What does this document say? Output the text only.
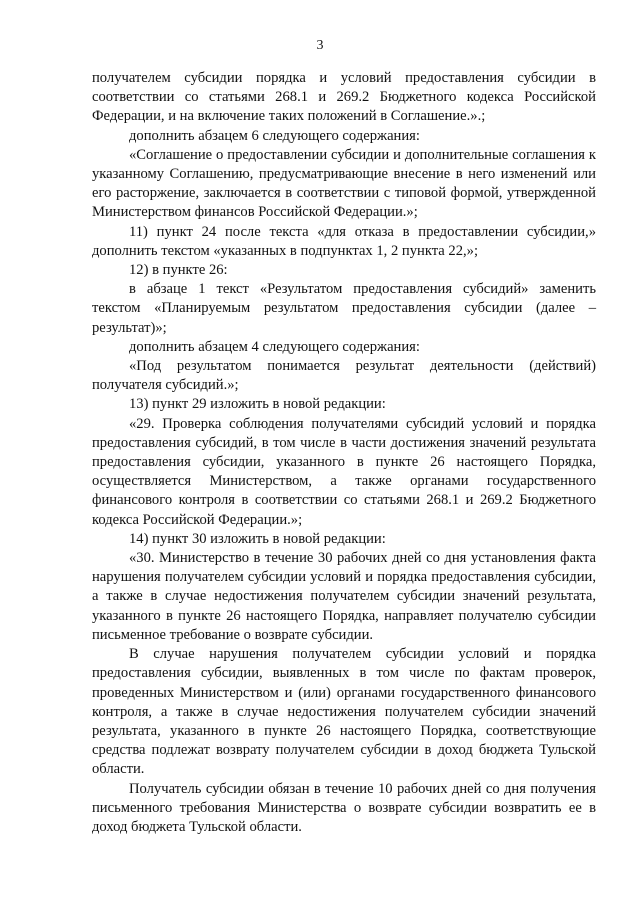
3

получателем субсидии порядка и условий предоставления субсидии в соответствии со статьями 268.1 и 269.2 Бюджетного кодекса Российской Федерации, и на включение таких положений в Соглашение.».;

дополнить абзацем 6 следующего содержания:

«Соглашение о предоставлении субсидии и дополнительные соглашения к указанному Соглашению, предусматривающие внесение в него изменений или его расторжение, заключается в соответствии с типовой формой, утвержденной Министерством финансов Российской Федерации.»;

11) пункт 24 после текста «для отказа в предоставлении субсидии,» дополнить текстом «указанных в подпунктах 1, 2 пункта 22,»;

12) в пункте 26:

в абзаце 1 текст «Результатом предоставления субсидий» заменить текстом «Планируемым результатом предоставления субсидии (далее – результат)»;

дополнить абзацем 4 следующего содержания:

«Под результатом понимается результат деятельности (действий) получателя субсидий.»;

13) пункт 29 изложить в новой редакции:

«29. Проверка соблюдения получателями субсидий условий и порядка предоставления субсидий, в том числе в части достижения значений результата предоставления субсидии, указанного в пункте 26 настоящего Порядка, осуществляется Министерством, а также органами государственного финансового контроля в соответствии со статьями 268.1 и 269.2 Бюджетного кодекса Российской Федерации.»;

14) пункт 30 изложить в новой редакции:

«30. Министерство в течение 30 рабочих дней со дня установления факта нарушения получателем субсидии условий и порядка предоставления субсидии, а также в случае недостижения получателем субсидии значений результата, указанного в пункте 26 настоящего Порядка, направляет получателю субсидии письменное требование о возврате субсидии.

В случае нарушения получателем субсидии условий и порядка предоставления субсидии, выявленных в том числе по фактам проверок, проведенных Министерством и (или) органами государственного финансового контроля, а также в случае недостижения получателем субсидии значений результата, указанного в пункте 26 настоящего Порядка, соответствующие средства подлежат возврату получателем субсидии в доход бюджета Тульской области.

Получатель субсидии обязан в течение 10 рабочих дней со дня получения письменного требования Министерства о возврате субсидии возвратить ее в доход бюджета Тульской области.
